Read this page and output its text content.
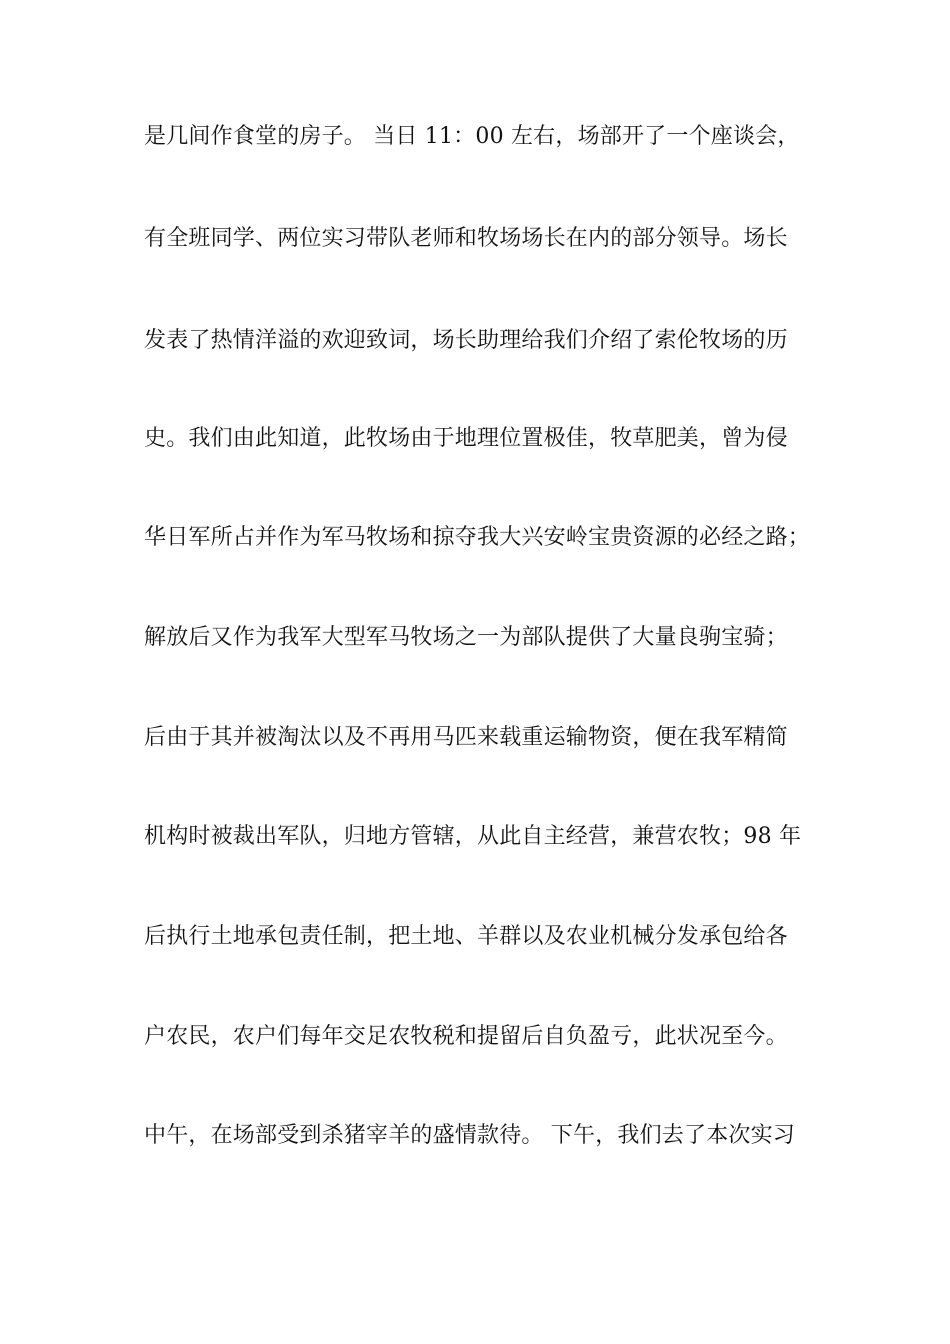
是几间作食堂的房子。 当日 11：00 左右，场部开了一个座谈会，
有全班同学、两位实习带队老师和牧场场长在内的部分领导。场长
发表了热情洋溢的欢迎致词，场长助理给我们介绍了索伦牧场的历
史。我们由此知道，此牧场由于地理位置极佳，牧草肥美，曾为侵
华日军所占并作为军马牧场和掠夺我大兴安岭宝贵资源的必经之路；
解放后又作为我军大型军马牧场之一为部队提供了大量良驹宝骑；
后由于其并被淘汰以及不再用马匹来载重运输物资，便在我军精简
机构时被裁出军队，归地方管辖，从此自主经营，兼营农牧；98 年
后执行土地承包责任制，把土地、羊群以及农业机械分发承包给各
户农民，农户们每年交足农牧税和提留后自负盈亏，此状况至今。
中午，在场部受到杀猪宰羊的盛情款待。 下午，我们去了本次实习
